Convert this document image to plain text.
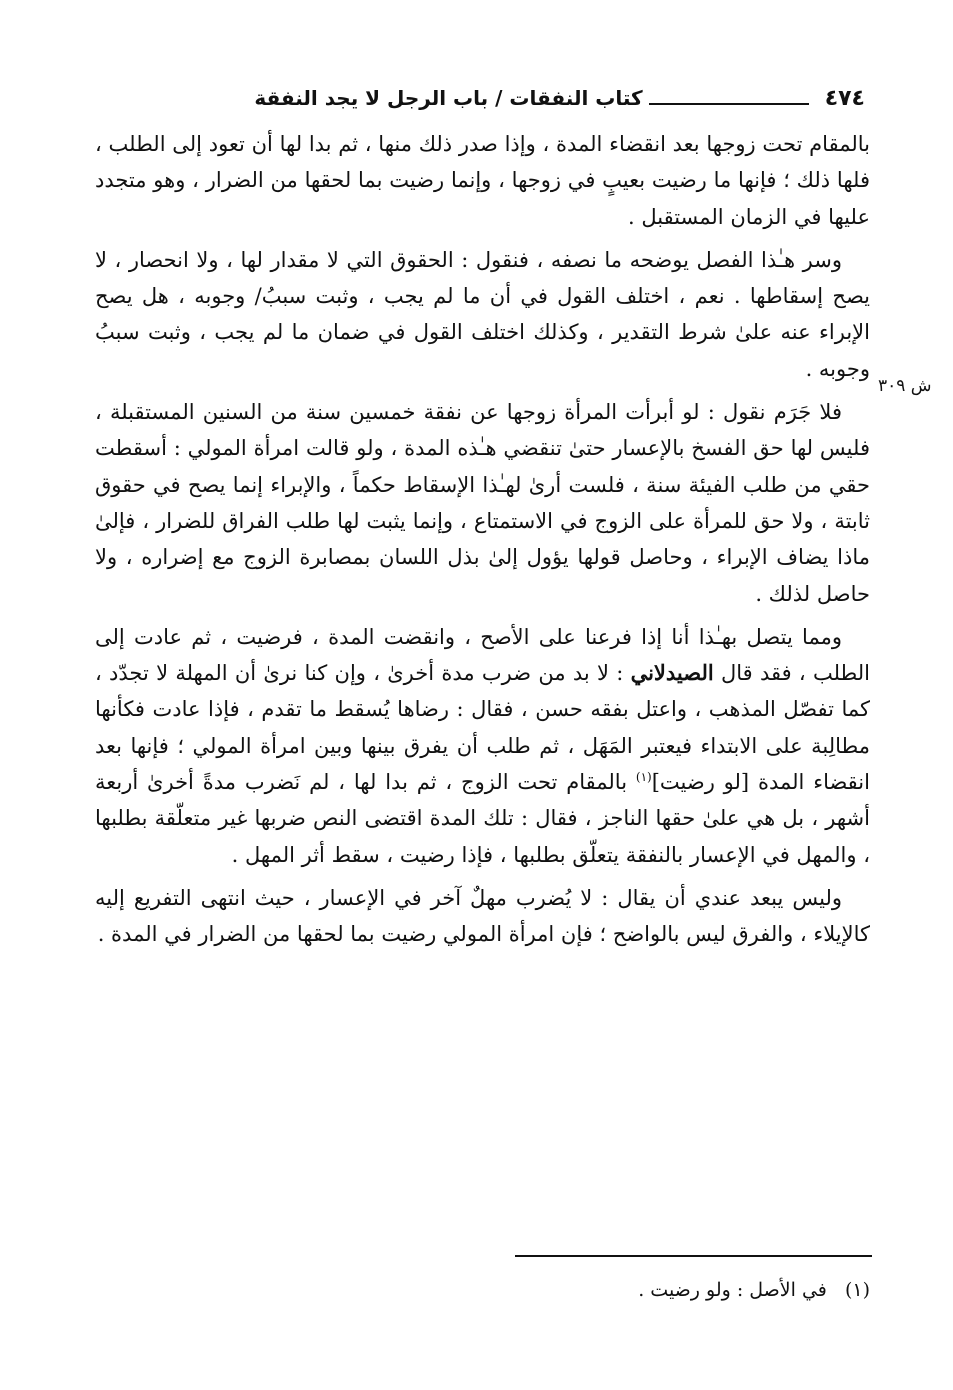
٤٧٤
كتاب النفقات / باب الرجل لا يجد النفقة
ش ٣٠٩

بالمقام تحت زوجها بعد انقضاء المدة ، وإذا صدر ذلك منها ، ثم بدا لها أن تعود إلى الطلب ، فلها ذلك ؛ فإنها ما رضيت بعيبٍ في زوجها ، وإنما رضيت بما لحقها من الضرار ، وهو متجدد عليها في الزمان المستقبل .

وسر هـٰذا الفصل يوضحه ما نصفه ، فنقول : الحقوق التي لا مقدار لها ، ولا انحصار ، لا يصح إسقاطها . نعم ، اختلف القول في أن ما لم يجب ، وثبت سببُ/ وجوبه ، هل يصح الإبراء عنه علىٰ شرط التقدير ، وكذلك اختلف القول في ضمان ما لم يجب ، وثبت سببُ وجوبه .

فلا جَرَم نقول : لو أبرأت المرأة زوجها عن نفقة خمسين سنة من السنين المستقبلة ، فليس لها حق الفسخ بالإعسار حتىٰ تنقضي هـٰذه المدة ، ولو قالت امرأة المولي : أسقطت حقي من طلب الفيئة سنة ، فلست أرىٰ لهـٰذا الإسقاط حكماً ، والإبراء إنما يصح في حقوق ثابتة ، ولا حق للمرأة على الزوج في الاستمتاع ، وإنما يثبت لها طلب الفراق للضرار ، فإلىٰ ماذا يضاف الإبراء ، وحاصل قولها يؤول إلىٰ بذل اللسان بمصابرة الزوج مع إضراره ، ولا حاصل لذلك .

ومما يتصل بهـٰذا أنا إذا فرعنا على الأصح ، وانقضت المدة ، فرضيت ، ثم عادت إلى الطلب ، فقد قال الصيدلاني : لا بد من ضرب مدة أخرىٰ ، وإن كنا نرىٰ أن المهلة لا تجدّد ، كما تفصّل المذهب ، واعتل بفقه حسن ، فقال : رضاها يُسقط ما تقدم ، فإذا عادت فكأنها مطالِبة على الابتداء فيعتبر المَهَل ، ثم طلب أن يفرق بينها وبين امرأة المولي ؛ فإنها بعد انقضاء المدة [لو رضيت]$^{(١)}$ بالمقام تحت الزوج ، ثم بدا لها ، لم نَضرب مدةً أخرىٰ أربعة أشهر ، بل هي علىٰ حقها الناجز ، فقال : تلك المدة اقتضى النص ضربها غير متعلّقة بطلبها ، والمهل في الإعسار بالنفقة يتعلّق بطلبها ، فإذا رضيت ، سقط أثر المهل .

وليس يبعد عندي أن يقال : لا يُضرب مهلٌ آخر في الإعسار ، حيث انتهى التفريع إليه كالإيلاء ، والفرق ليس بالواضح ؛ فإن امرأة المولي رضيت بما لحقها من الضرار في المدة .

(١) في الأصل : ولو رضيت .
